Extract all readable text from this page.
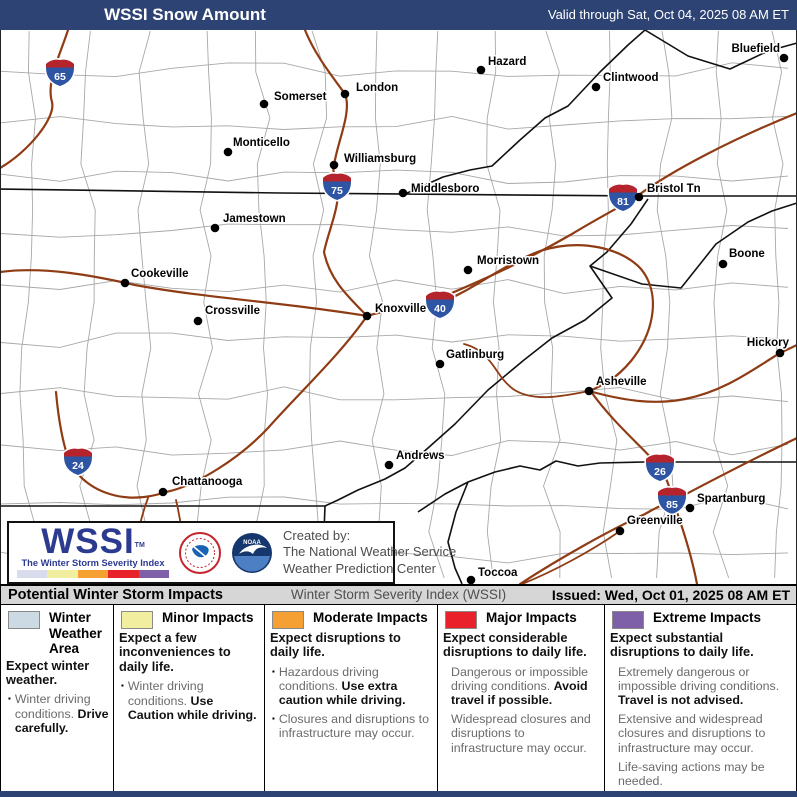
WSSI Snow Amount	Valid through Sat, Oct 04, 2025 08 AM ET
65
75
81
40
24	26
85
Somerset
London
Monticello
Williamsburg
Jamestown
Hazard
Clintwood
Bluefield
Middlesboro	Bristol Tn
Cookeville
Crossville	Knoxville
Morristown
Gatlinburg
Asheville
Boone
Hickory
Chattanooga
Andrews
Greenville
Spartanburg
Toccoa
WSSITM
The Winter Storm Severity Index
NOAA Created by:
The National Weather Service
Weather Prediction Center
Potential Winter Storm Impacts	Winter Storm Severity Index (WSSI)	Issued: Wed, Oct 01, 2025 08 AM ET
Winter Weather Area
Expect winter weather.
▪ Winter driving conditions. Drive carefully.
Minor Impacts
Expect a few inconveniences to daily life.
▪ Winter driving conditions. Use Caution while driving.
Moderate Impacts
Expect disruptions to daily life.
▪ Hazardous driving conditions. Use extra caution while driving.
▪ Closures and disruptions to infrastructure may occur.
Major Impacts
Expect considerable disruptions to daily life.
Dangerous or impossible driving conditions. Avoid travel if possible.
Widespread closures and disruptions to infrastructure may occur.
Extreme Impacts
Expect substantial disruptions to daily life.
Extremely dangerous or impossible driving conditions. Travel is not advised.
Extensive and widespread closures and disruptions to infrastructure may occur.
Life-saving actions may be needed.
